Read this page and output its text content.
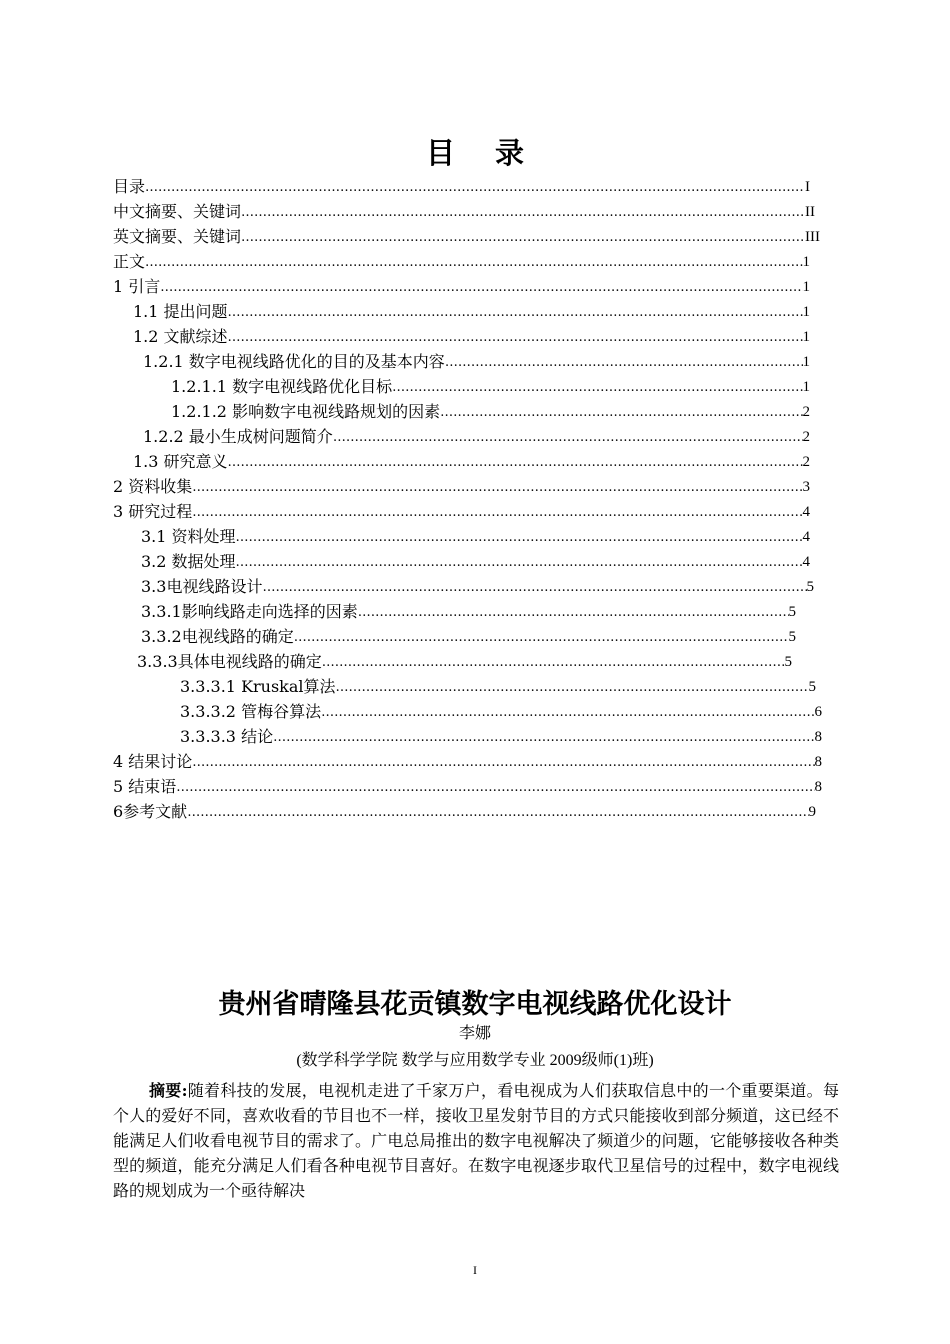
目录
目录 …………………………………………………………………………………………………………………………………………………………………………………………	I
中文摘要、关键词 …………………………………………………………………………………………………………………………………………………………………………………………	II
英文摘要、关键词 …………………………………………………………………………………………………………………………………………………………………………………………	III
正文 …………………………………………………………………………………………………………………………………………………………………………………………	1
1 引言 …………………………………………………………………………………………………………………………………………………………………………………………	1
1.1 提出问题 …………………………………………………………………………………………………………………………………………………………………………………………	1
1.2 文献综述 …………………………………………………………………………………………………………………………………………………………………………………………	1
1.2.1 数字电视线路优化的目的及基本内容 …………………………………………………………………………………………………………………………………………………………………………………………	1
1.2.1.1 数字电视线路优化目标 …………………………………………………………………………………………………………………………………………………………………………………………	1
1.2.1.2 影响数字电视线路规划的因素 …………………………………………………………………………………………………………………………………………………………………………………………	2
1.2.2 最小生成树问题简介 …………………………………………………………………………………………………………………………………………………………………………………………	2
1.3 研究意义 …………………………………………………………………………………………………………………………………………………………………………………………	2
2 资料收集 …………………………………………………………………………………………………………………………………………………………………………………………	3
3 研究过程 …………………………………………………………………………………………………………………………………………………………………………………………	4
3.1 资料处理 …………………………………………………………………………………………………………………………………………………………………………………………	4
3.2 数据处理 …………………………………………………………………………………………………………………………………………………………………………………………	4
3.3电视线路设计 …………………………………………………………………………………………………………………………………………………………………………………………	5
3.3.1影响线路走向选择的因素 …………………………………………………………………………………………………………………………………………………………………………………………	5
3.3.2电视线路的确定 …………………………………………………………………………………………………………………………………………………………………………………………	5
3.3.3具体电视线路的确定 …………………………………………………………………………………………………………………………………………………………………………………………	5
3.3.3.1 Kruskal算法 …………………………………………………………………………………………………………………………………………………………………………………………	5
3.3.3.2 管梅谷算法 …………………………………………………………………………………………………………………………………………………………………………………………	6
3.3.3.3 结论 …………………………………………………………………………………………………………………………………………………………………………………………	8
4 结果讨论 …………………………………………………………………………………………………………………………………………………………………………………………	8
5 结束语 …………………………………………………………………………………………………………………………………………………………………………………………	8
6参考文献 …………………………………………………………………………………………………………………………………………………………………………………………	9
贵州省晴隆县花贡镇数字电视线路优化设计
李娜
(数学科学学院 数学与应用数学专业 2009级师(1)班)
摘要:随着科技的发展，电视机走进了千家万户，看电视成为人们获取信息中的一个重要渠道。每个人的爱好不同，喜欢收看的节目也不一样，接收卫星发射节目的方式只能接收到部分频道，这已经不能满足人们收看电视节目的需求了。广电总局推出的数字电视解决了频道少的问题，它能够接收各种类型的频道，能充分满足人们看各种电视节目喜好。在数字电视逐步取代卫星信号的过程中，数字电视线路的规划成为一个亟待解决
I
